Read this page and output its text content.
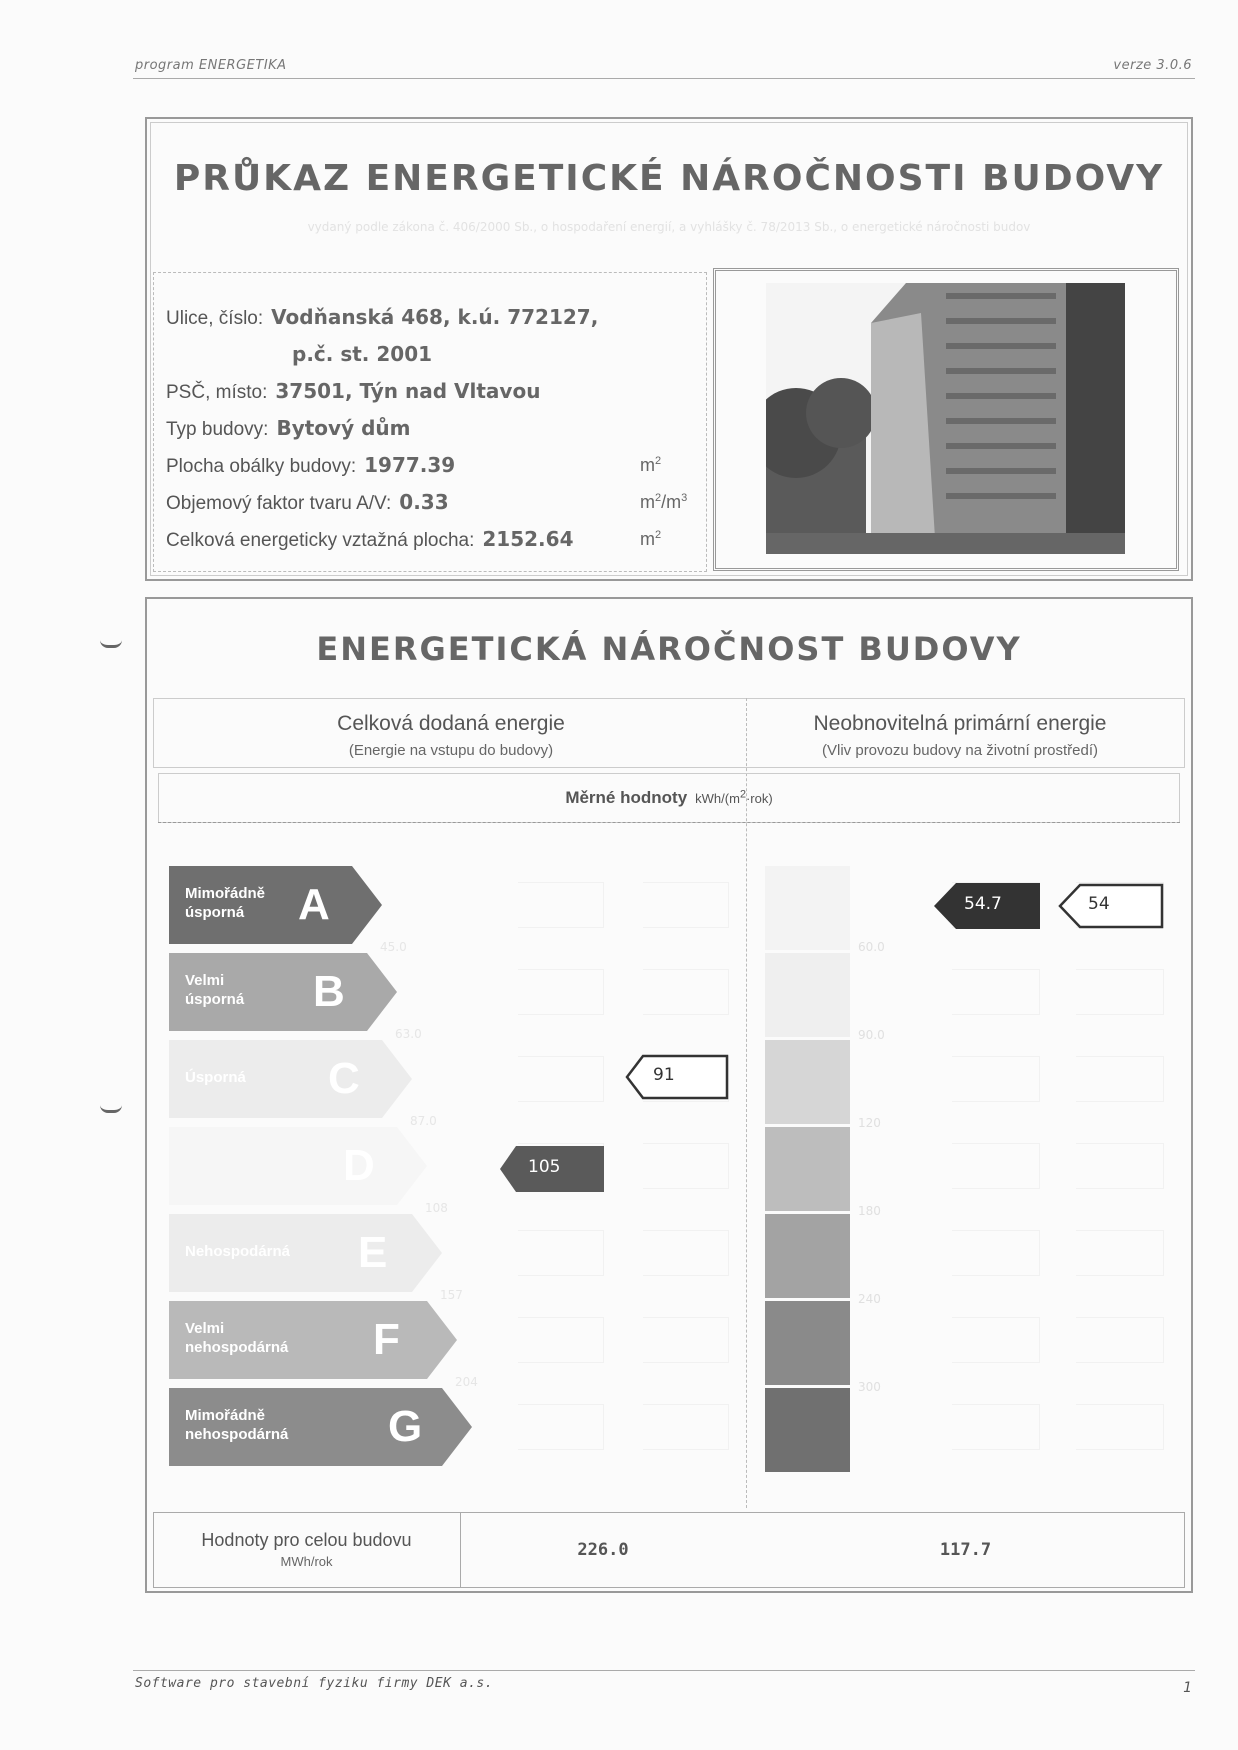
program ENERGETIKA	verze 3.0.6
PRŮKAZ ENERGETICKÉ NÁROČNOSTI BUDOVY
vydaný podle zákona č. 406/2000 Sb., o hospodaření energií, a vyhlášky č. 78/2013 Sb., o energetické náročnosti budov
Ulice, číslo: Vodňanská 468, k.ú. 772127,
p.č. st. 2001
PSČ, místo: 37501, Týn nad Vltavou
Typ budovy: Bytový dům
Plocha obálky budovy: 1977.39	$m^2$
Objemový faktor tvaru A/V: 0.33	$m^2/m^3$
Celková energeticky vztažná plocha: 2152.64	$m^2$
ENERGETICKÁ NÁROČNOST BUDOVY
Celková dodaná energie
(Energie na vstupu do budovy)
Neobnovitelná primární energie
(Vliv provozu budovy na životní prostředí)
Měrné hodnoty kWh/$(m^2\cdot rok)$
Mimořádně
úsporná	A
Velmi
úsporná B
Úsporná C

D
Nehospodárná E
Velmi
nehospodárná F
Mimořádně
nehospodárná G
45.0
63.0
87.0
108
157
204
60.0
90.0
120
180
240
300
105
91
54.7	54
Hodnoty pro celou budovu
MWh/rok
226.0	117.7
Software pro stavební fyziku firmy DEK a.s.	1
